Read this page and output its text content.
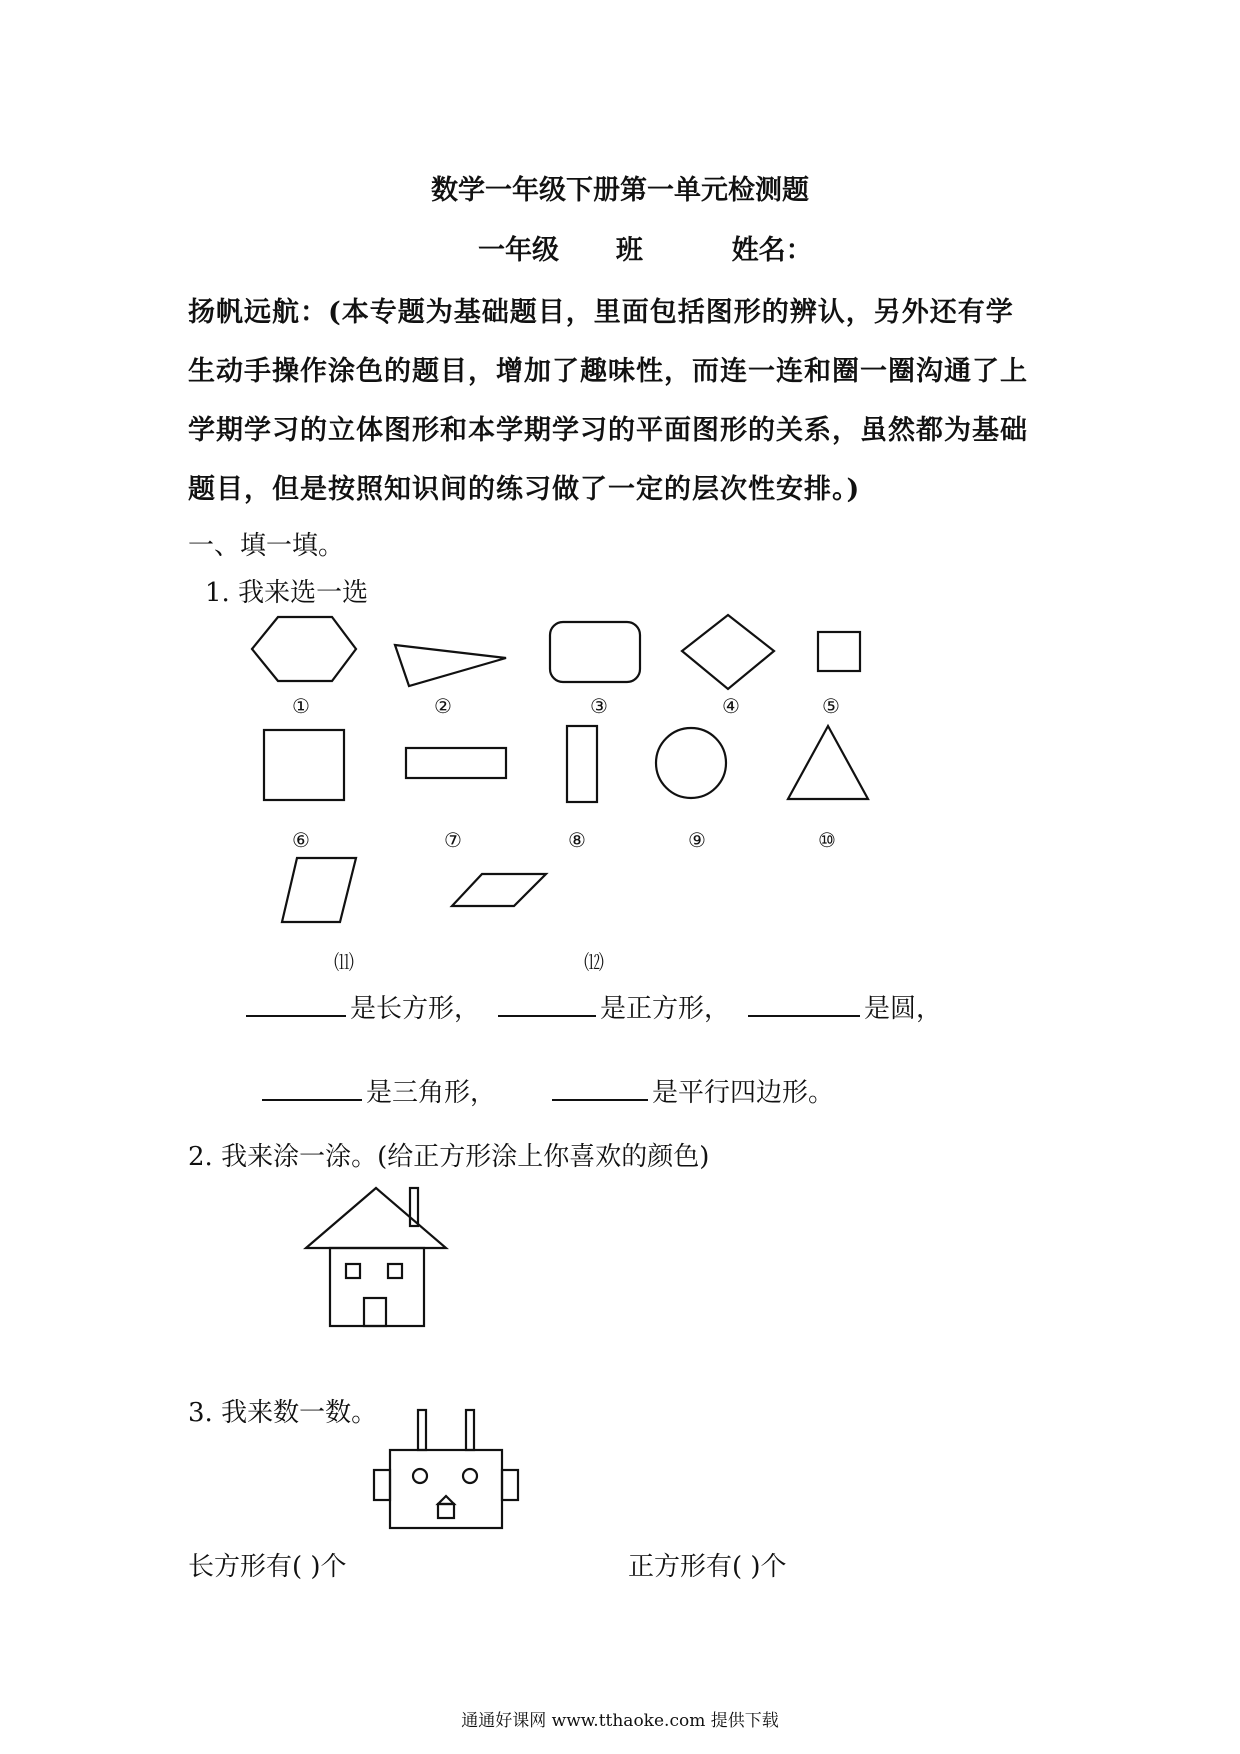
数学一年级下册第一单元检测题
一年级 班	姓名：

扬帆远航：(本专题为基础题目，里面包括图形的辨认，另外还有学

生动手操作涂色的题目，增加了趣味性，而连一连和圈一圈沟通了上

学期学习的立体图形和本学期学习的平面图形的关系，虽然都为基础

题目，但是按照知识间的练习做了一定的层次性安排。)

一、填一填。
1. 我来选一选
①	②	③	④	⑤
⑥	⑦	⑧	⑨	⑩
⑾	⑿
是长方形，	是正方形，	是圆，
是三角形，	是平行四边形。
2. 我来涂一涂。(给正方形涂上你喜欢的颜色)
3. 我来数一数。
长方形有( )个	正方形有( )个
通通好课网 www.tthaoke.com 提供下载
